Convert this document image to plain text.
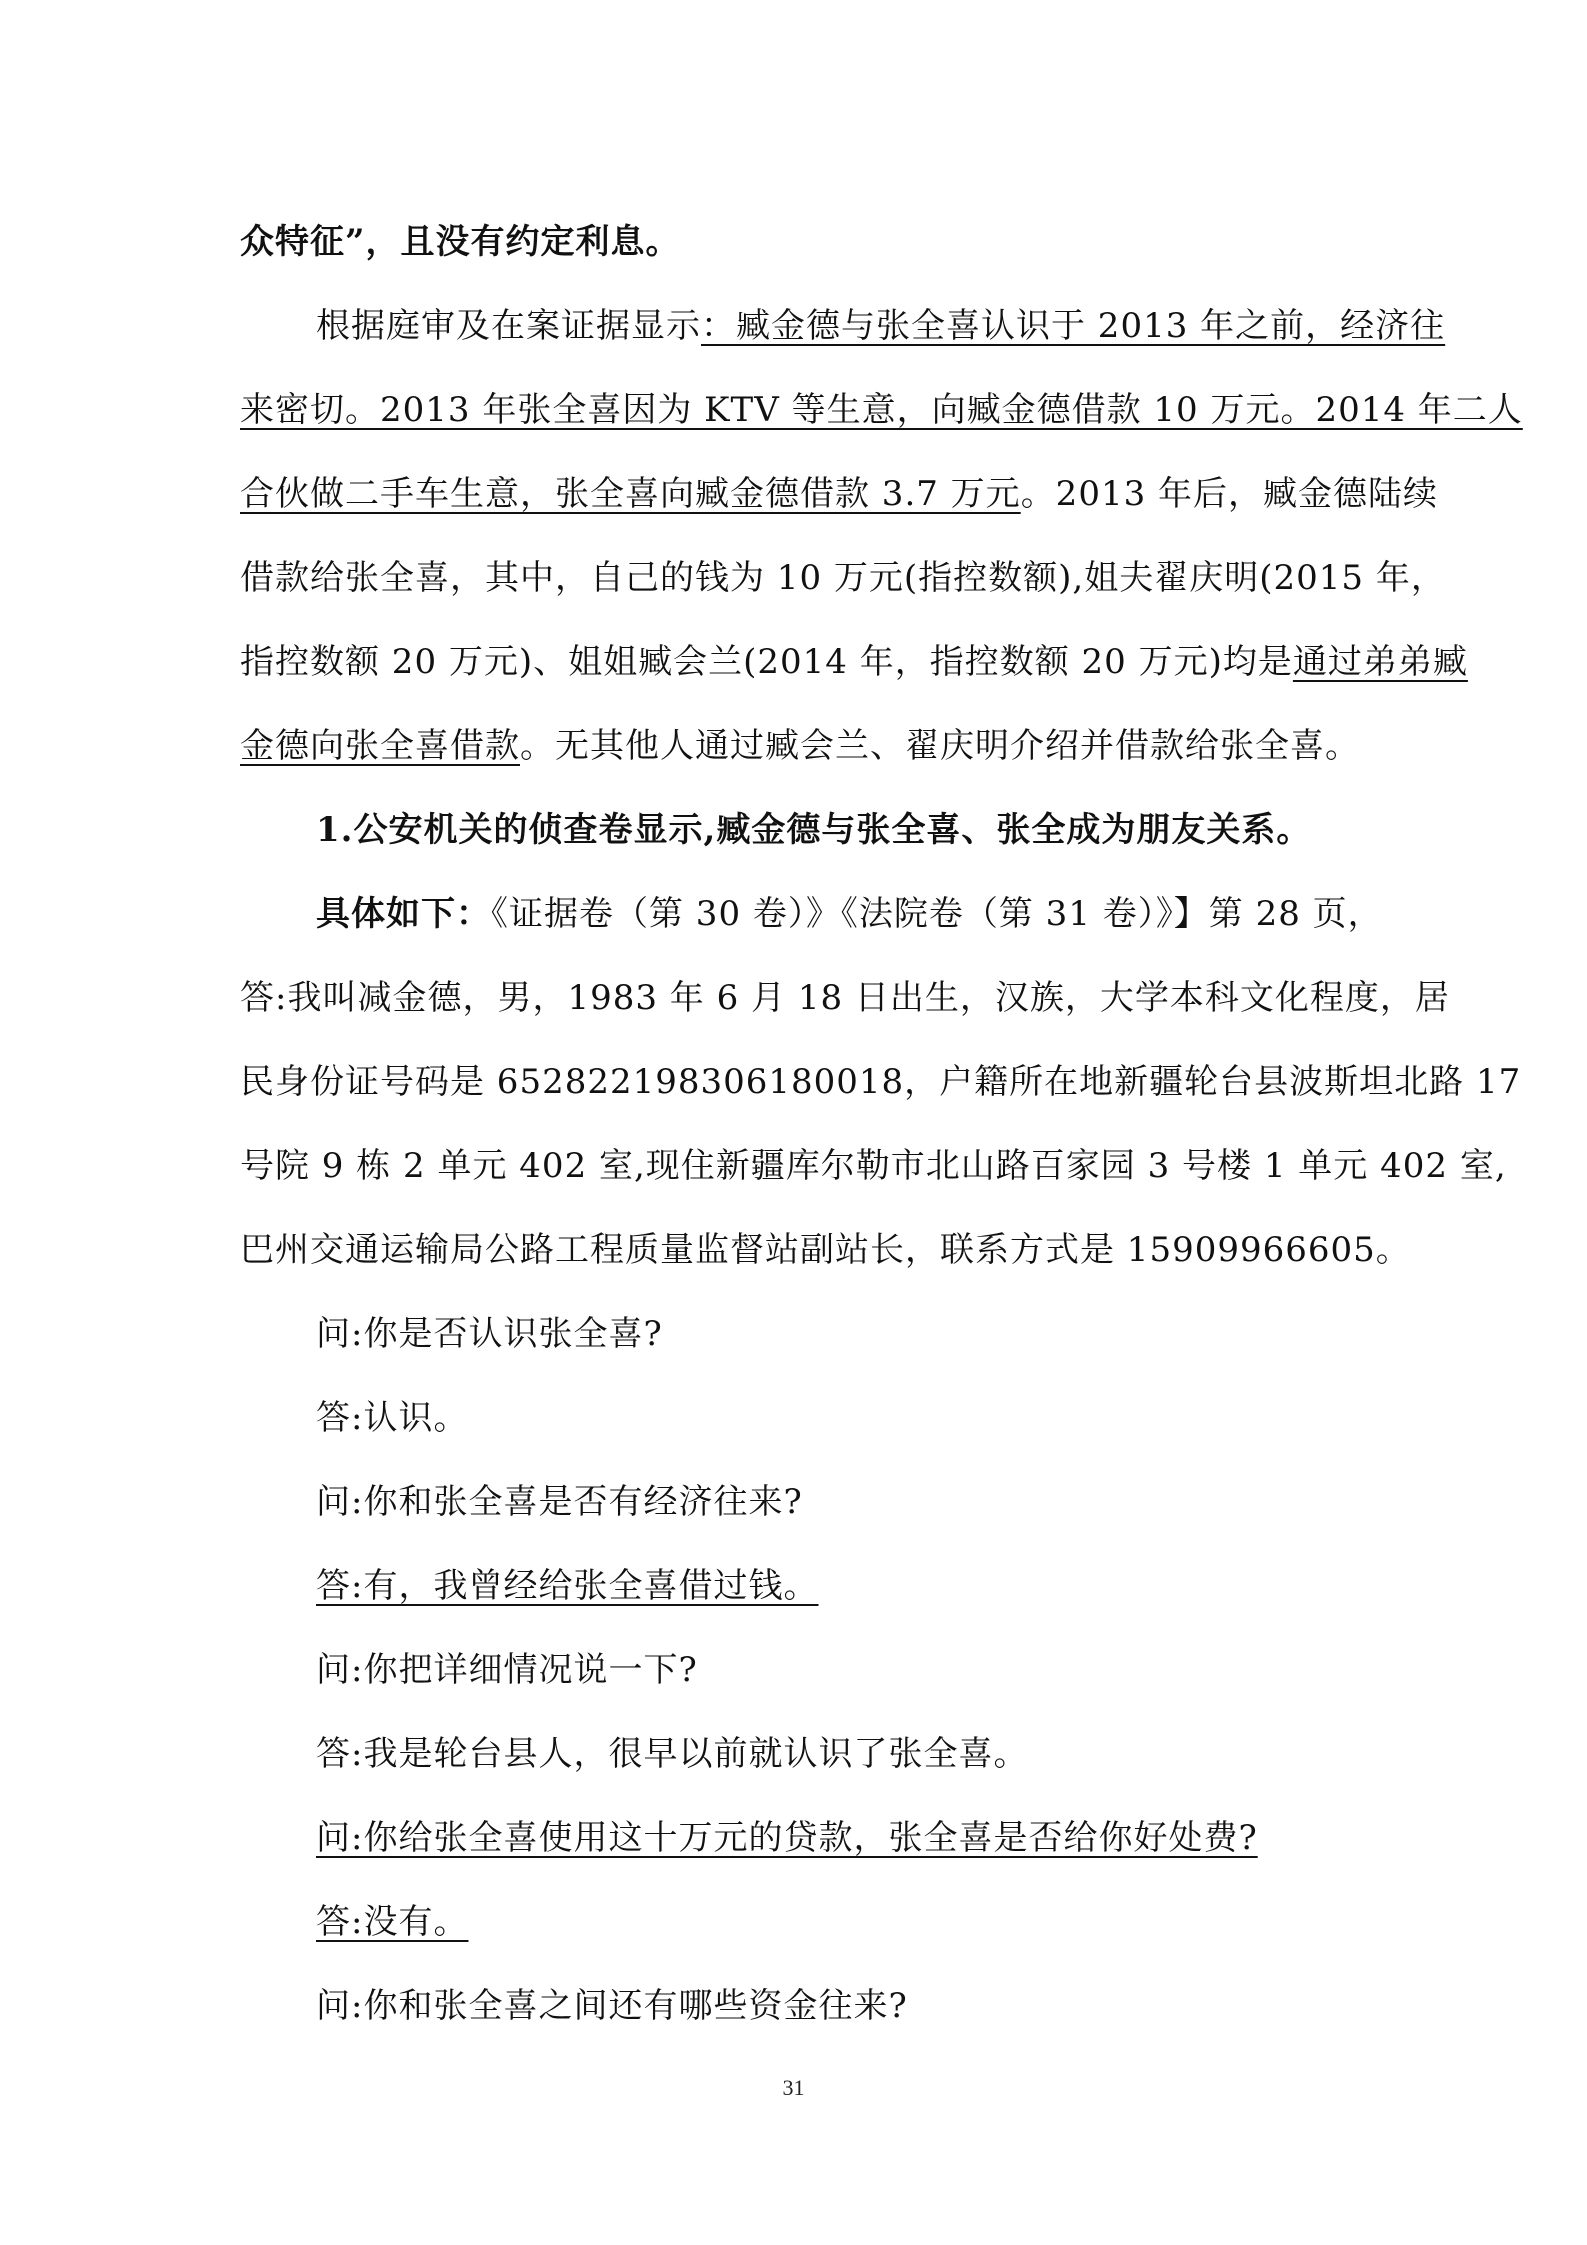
众特征”，且没有约定利息。
根据庭审及在案证据显示：臧金德与张全喜认识于 2013 年之前，经济往
来密切。2013 年张全喜因为 KTV 等生意，向臧金德借款 10 万元。2014 年二人
合伙做二手车生意，张全喜向臧金德借款 3.7 万元。2013 年后，臧金德陆续
借款给张全喜，其中，自己的钱为 10 万元(指控数额),姐夫翟庆明(2015 年，
指控数额 20 万元)、姐姐臧会兰(2014 年，指控数额 20 万元)均是通过弟弟臧
金德向张全喜借款。无其他人通过臧会兰、翟庆明介绍并借款给张全喜。
1.公安机关的侦查卷显示,臧金德与张全喜、张全成为朋友关系。
具体如下：《证据卷（第 30 卷）》《法院卷（第 31 卷）》】第 28 页，
答:我叫减金德，男，1983 年 6 月 18 日出生，汉族，大学本科文化程度，居
民身份证号码是 652822198306180018，户籍所在地新疆轮台县波斯坦北路 17
号院 9 栋 2 单元 402 室,现住新疆库尔勒市北山路百家园 3 号楼 1 单元 402 室,
巴州交通运输局公路工程质量监督站副站长，联系方式是 15909966605。
问:你是否认识张全喜?
答:认识。
问:你和张全喜是否有经济往来?
答:有，我曾经给张全喜借过钱。
问:你把详细情况说一下?
答:我是轮台县人，很早以前就认识了张全喜。
问:你给张全喜使用这十万元的贷款，张全喜是否给你好处费?
答:没有。
问:你和张全喜之间还有哪些资金往来?
31
